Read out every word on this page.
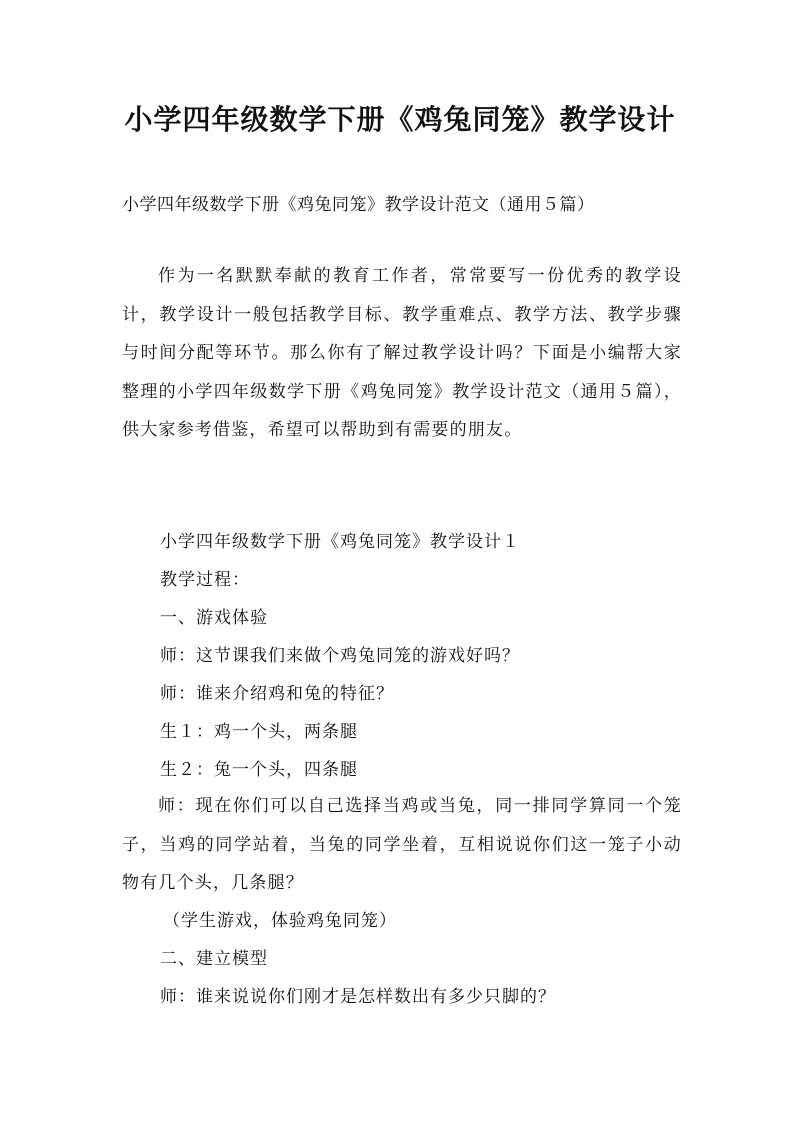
小学四年级数学下册《鸡兔同笼》教学设计
小学四年级数学下册《鸡兔同笼》教学设计范文（通用５篇）
作为一名默默奉献的教育工作者，常常要写一份优秀的教学设计，教学设计一般包括教学目标、教学重难点、教学方法、教学步骤与时间分配等环节。那么你有了解过教学设计吗？下面是小编帮大家整理的小学四年级数学下册《鸡兔同笼》教学设计范文（通用５篇），供大家参考借鉴，希望可以帮助到有需要的朋友。
小学四年级数学下册《鸡兔同笼》教学设计１
教学过程：
一、游戏体验
师：这节课我们来做个鸡兔同笼的游戏好吗？
师：谁来介绍鸡和兔的特征？
生１：鸡一个头，两条腿
生２：兔一个头，四条腿
师：现在你们可以自己选择当鸡或当兔，同一排同学算同一个笼子，当鸡的同学站着，当兔的同学坐着，互相说说你们这一笼子小动物有几个头，几条腿？
（学生游戏，体验鸡兔同笼）
二、建立模型
师：谁来说说你们刚才是怎样数出有多少只脚的？
